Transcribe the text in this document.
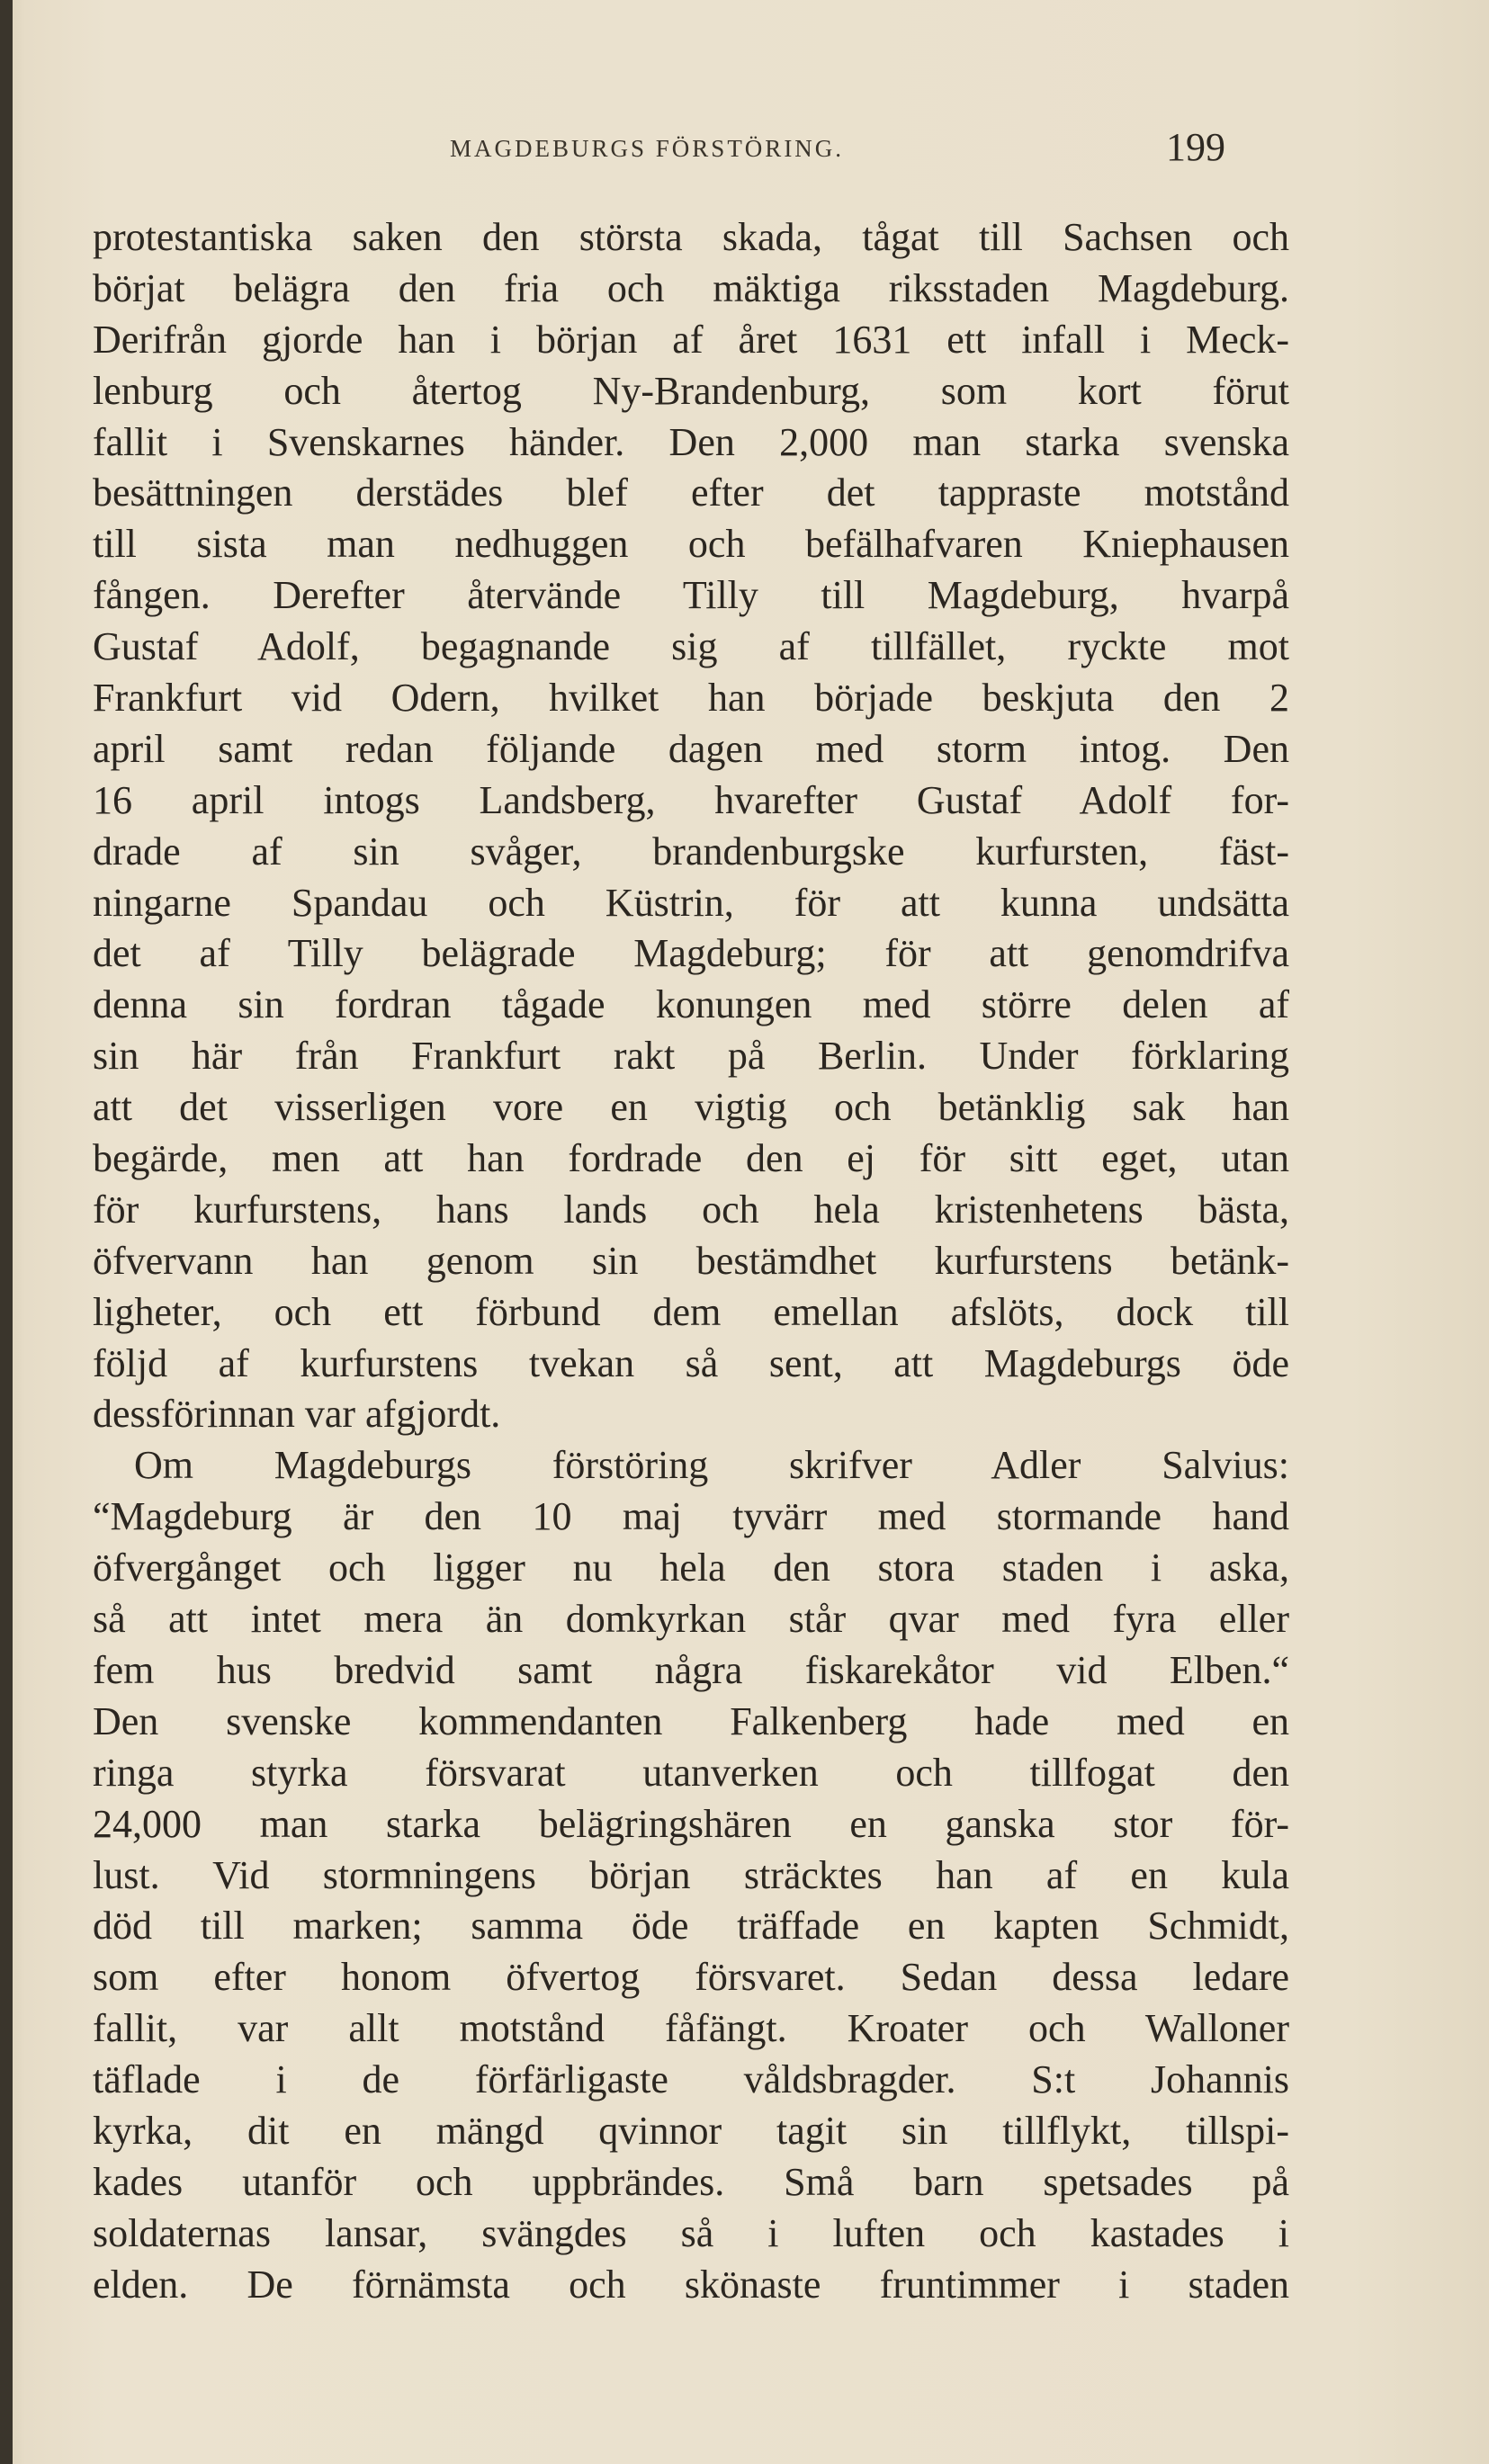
MAGDEBURGS FÖRSTÖRING.	199
protestantiska saken den största skada, tågat till Sachsen och
börjat belägra den fria och mäktiga riksstaden Magdeburg.
Derifrån gjorde han i början af året 1631 ett infall i Meck-
lenburg och återtog Ny-Brandenburg, som kort förut
fallit i Svenskarnes händer. Den 2,000 man starka svenska
besättningen derstädes blef efter det tappraste motstånd
till sista man nedhuggen och befälhafvaren Kniephausen
fången. Derefter återvände Tilly till Magdeburg, hvarpå
Gustaf Adolf, begagnande sig af tillfället, ryckte mot
Frankfurt vid Odern, hvilket han började beskjuta den 2
april samt redan följande dagen med storm intog. Den
16 april intogs Landsberg, hvarefter Gustaf Adolf for-
drade af sin svåger, brandenburgske kurfursten, fäst-
ningarne Spandau och Küstrin, för att kunna undsätta
det af Tilly belägrade Magdeburg; för att genomdrifva
denna sin fordran tågade konungen med större delen af
sin här från Frankfurt rakt på Berlin. Under förklaring
att det visserligen vore en vigtig och betänklig sak han
begärde, men att han fordrade den ej för sitt eget, utan
för kurfurstens, hans lands och hela kristenhetens bästa,
öfvervann han genom sin bestämdhet kurfurstens betänk-
ligheter, och ett förbund dem emellan afslöts, dock till
följd af kurfurstens tvekan så sent, att Magdeburgs öde
dessförinnan var afgjordt.
Om Magdeburgs förstöring skrifver Adler Salvius:
“Magdeburg är den 10 maj tyvärr med stormande hand
öfvergånget och ligger nu hela den stora staden i aska,
så att intet mera än domkyrkan står qvar med fyra eller
fem hus bredvid samt några fiskarekåtor vid Elben.“
Den svenske kommendanten Falkenberg hade med en
ringa styrka försvarat utanverken och tillfogat den
24,000 man starka belägringshären en ganska stor för-
lust. Vid stormningens början sträcktes han af en kula
död till marken; samma öde träffade en kapten Schmidt,
som efter honom öfvertog försvaret. Sedan dessa ledare
fallit, var allt motstånd fåfängt. Kroater och Walloner
täflade i de förfärligaste våldsbragder. S:t Johannis
kyrka, dit en mängd qvinnor tagit sin tillflykt, tillspi-
kades utanför och uppbrändes. Små barn spetsades på
soldaternas lansar, svängdes så i luften och kastades i
elden. De förnämsta och skönaste fruntimmer i staden
